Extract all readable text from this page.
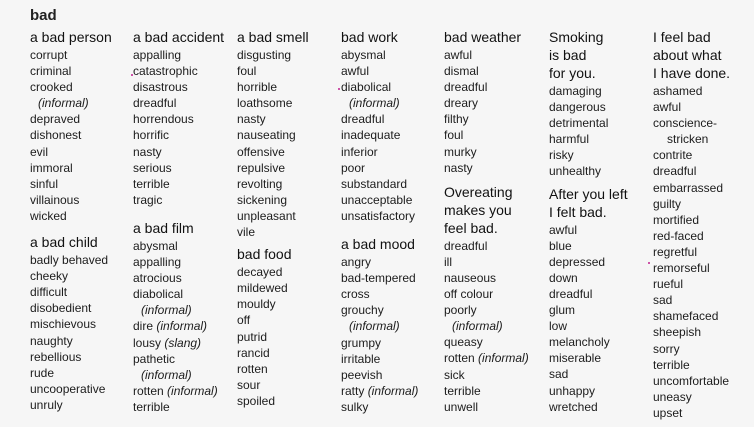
bad
a bad person
corrupt
criminal
crooked
(informal)
depraved
dishonest
evil
immoral
sinful
villainous
wicked
a bad child
badly behaved
cheeky
difficult
disobedient
mischievous
naughty
rebellious
rude
uncooperative
unruly
a bad accident
appalling
catastrophic
disastrous
dreadful
horrendous
horrific
nasty
serious
terrible
tragic
a bad film
abysmal
appalling
atrocious
diabolical
(informal)
dire (informal)
lousy (slang)
pathetic
(informal)
rotten (informal)
terrible
a bad smell
disgusting
foul
horrible
loathsome
nasty
nauseating
offensive
repulsive
revolting
sickening
unpleasant
vile
bad food
decayed
mildewed
mouldy
off
putrid
rancid
rotten
sour
spoiled
bad work
abysmal
awful
diabolical
(informal)
dreadful
inadequate
inferior
poor
substandard
unacceptable
unsatisfactory
a bad mood
angry
bad-tempered
cross
grouchy
(informal)
grumpy
irritable
peevish
ratty (informal)
sulky
bad weather
awful
dismal
dreadful
dreary
filthy
foul
murky
nasty
Overeating
makes you
feel bad.
dreadful
ill
nauseous
off colour
poorly
(informal)
queasy
rotten (informal)
sick
terrible
unwell
Smoking
is bad
for you.
damaging
dangerous
detrimental
harmful
risky
unhealthy
After you left
I felt bad.
awful
blue
depressed
down
dreadful
glum
low
melancholy
miserable
sad
unhappy
wretched
I feel bad
about what
I have done.
ashamed
awful
conscience-
stricken
contrite
dreadful
embarrassed
guilty
mortified
red-faced
regretful
remorseful
rueful
sad
shamefaced
sheepish
sorry
terrible
uncomfortable
uneasy
upset
